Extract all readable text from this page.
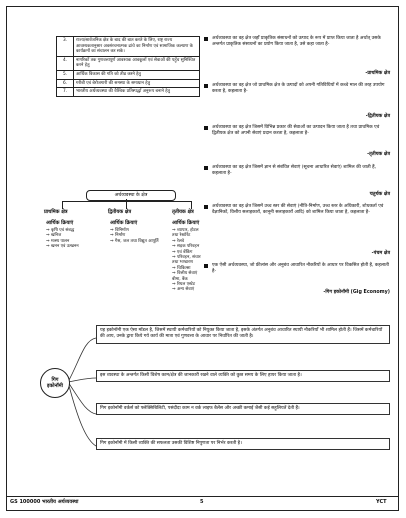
3.	राज्य/सार्वजनिक क्षेत्र के बाद की बात करते के लिए, राष्ट्र राज्य आवश्यकतानुसार अवसंरचनात्मक ढांचे का निर्माण एवं सामाजिक कल्याण के कार्यक्रमों का संचालन कर सके।
4.	नागरिकों तक गुणवत्तापूर्ण आवश्यक आवकूलों एवं सेवाओं की पहुँच सुनिश्चित करने हेतु
5.	आर्थिक विकास की गति को तीव्र करने हेतु
6.	गरीबी एवं बेरोजगारी की समस्या के समाधान हेतु
7.	भारतीय अर्थव्यवस्था की वैश्विक प्रतिस्पर्द्धा अनुरूप बनाने हेतु
अर्थव्यवस्था के क्षेत्र
प्राथमिक क्षेत्र	द्वितीयक क्षेत्र	तृतीयक क्षेत्र
आर्थिक क्रियाएं	आर्थिक क्रियाएं	आर्थिक क्रियाएं
⇒ कृषि एवं संबद्ध
⇒ खनिज
⇒ मत्स्य पालन
⇒ खनन एवं उत्खनन
⇒ विनिर्माण
⇒ निर्माण
⇒ गैस, जल तथा विद्युत आपूर्ति
⇒ व्यापार, होटल तथा रेस्टोरेंट
⇒ रेलवे
⇒ सड़क परिवहन
⇒ एवं बेंकिंग
⇒ परिवहन, संचार तथा भण्डारण
⇒ चिकित्सा
⇒ वित्तीय सेवाएं बीमा, बैंक
⇒ रियल एस्टेट
⇒ अन्य सेवाएं
अर्थव्यवस्था का वह क्षेत्र जहाँ प्राकृतिक संसाधनों को उत्पाद के रूप में प्राप्त किया जाता है अर्थात् उसके अन्तर्गत प्राकृतिक संसाधनों का प्रयोग किया जाता है, उसे कहा जाता है-
-प्राथमिक क्षेत्र
अर्थव्यवस्था का वह क्षेत्र जो प्राथमिक क्षेत्र के उत्पादों को अपनी गतिविधियों में कच्चे माल की तरह उपयोग करता है, कहलाता है-
-द्वितीयक क्षेत्र
अर्थव्यवस्था का वह क्षेत्र जिसमें विभिन्न प्रकार की सेवाओं का उत्पादन किया जाता है तथा प्राथमिक एवं द्वितीयक क्षेत्र को अपनी सेवाएं प्रदान करता है, कहलाता है-
-तृतीयक क्षेत्र
अर्थव्यवस्था का वह क्षेत्र जिसमें ज्ञान से संबंधित सेवाएं (सूचना आधारित सेवाएं) शामिल की जाती हैं, कहलाता है-
चतुर्थक क्षेत्र
अर्थव्यवस्था का वह क्षेत्र जिसमें उच्च स्तर की सेवाएं (नीति-निर्माण, उच्च स्तर के अधिकारी, शोधकर्ता एवं वैज्ञानिकों, वित्तीय सलाहकारों, कानूनी सलाहकारों आदि) को शामिल किया जाता है, कहलाता है-
-पंचम क्षेत्र
एक ऐसी अर्थव्यवस्था, जो फ्रीलांस और अनुबंध आधारित नौकरियों के आधार पर विकसित होती है, कहलाती है-
-गिग इकोनॉमी (Gig Economy)
गिग
इकोनॉमी
यह इकोनॉमी एक ऐसा मॉडल है, जिसमें स्थायी कर्मचारियों को नियुक्त किया जाता है, इसके अंतर्गत अनुबंध आधारित स्थायी नौकरियाँ भी शामिल होती हैं। जिसमें कर्मचारियों की आय, उनके द्वारा किये गये कार्य की मात्रा एवं गुणवत्ता के आधार पर निर्धारित की जाती है।
इस व्यवस्था के अन्तर्गत किसी विशेष काम/क्षेत्र की जानकारी रखने वाले व्यक्ति को कुछ समय के लिए हायर किया जाता है।
गिग इकोनॉमी वर्कर्स को फ्लेक्सिबिलिटी, पसंदीदा काम न वर्क लाइफ बैलेंस और अच्छी कमाई जैसी कई सहूलियतें देती हैं।
गिग इकोनॉमी में किसी व्यक्ति की सफलता उसकी विशिष्ट निपुणता पर निर्भर करती है।
GS 100000 भारतीय अर्थव्यवस्था	5	YCT
